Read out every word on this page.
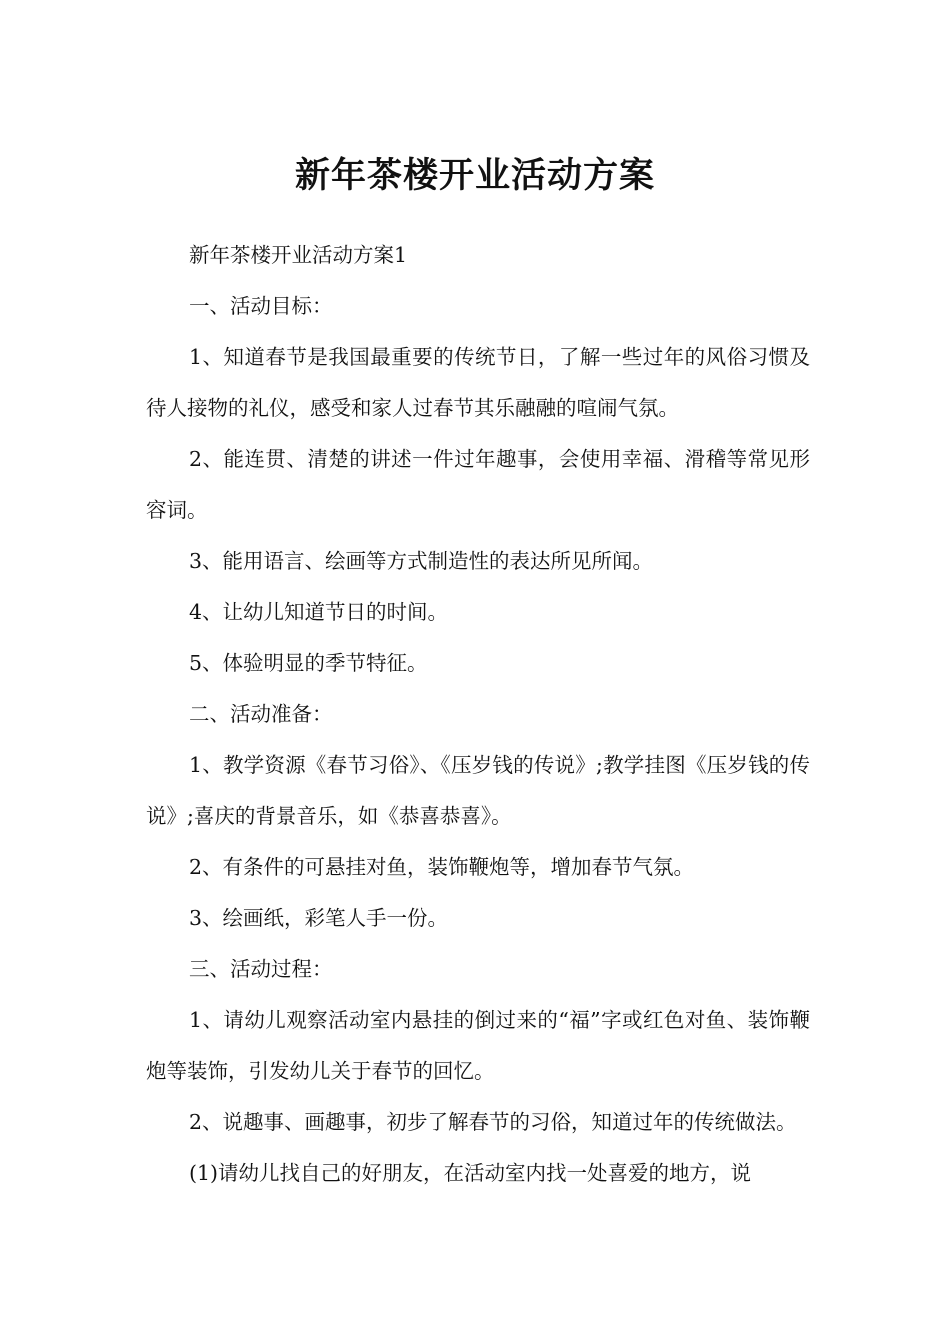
新年茶楼开业活动方案

新年茶楼开业活动方案1

一、活动目标：

1、知道春节是我国最重要的传统节日，了解一些过年的风俗习惯及待人接物的礼仪，感受和家人过春节其乐融融的喧闹气氛。

2、能连贯、清楚的讲述一件过年趣事，会使用幸福、滑稽等常见形容词。

3、能用语言、绘画等方式制造性的表达所见所闻。

4、让幼儿知道节日的时间。

5、体验明显的季节特征。

二、活动准备：

1、教学资源《春节习俗》、《压岁钱的传说》;教学挂图《压岁钱的传说》;喜庆的背景音乐，如《恭喜恭喜》。

2、有条件的可悬挂对鱼，装饰鞭炮等，增加春节气氛。

3、绘画纸，彩笔人手一份。

三、活动过程：

1、请幼儿观察活动室内悬挂的倒过来的“福”字或红色对鱼、装饰鞭炮等装饰，引发幼儿关于春节的回忆。

2、说趣事、画趣事，初步了解春节的习俗，知道过年的传统做法。

(1)请幼儿找自己的好朋友，在活动室内找一处喜爱的地方，说
